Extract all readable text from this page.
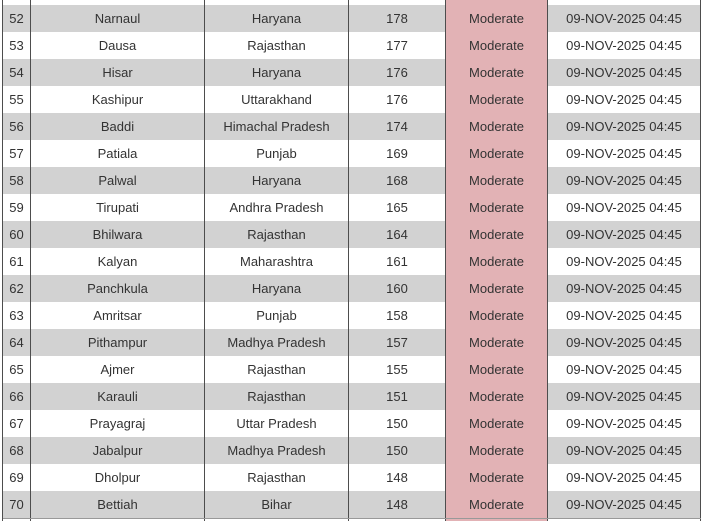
52	Narnaul	Haryana	178	Moderate	09-NOV-2025 04:45
53	Dausa	Rajasthan	177	Moderate	09-NOV-2025 04:45
54	Hisar	Haryana	176	Moderate	09-NOV-2025 04:45
55	Kashipur	Uttarakhand	176	Moderate	09-NOV-2025 04:45
56	Baddi	Himachal Pradesh	174	Moderate	09-NOV-2025 04:45
57	Patiala	Punjab	169	Moderate	09-NOV-2025 04:45
58	Palwal	Haryana	168	Moderate	09-NOV-2025 04:45
59	Tirupati	Andhra Pradesh	165	Moderate	09-NOV-2025 04:45
60	Bhilwara	Rajasthan	164	Moderate	09-NOV-2025 04:45
61	Kalyan	Maharashtra	161	Moderate	09-NOV-2025 04:45
62	Panchkula	Haryana	160	Moderate	09-NOV-2025 04:45
63	Amritsar	Punjab	158	Moderate	09-NOV-2025 04:45
64	Pithampur	Madhya Pradesh	157	Moderate	09-NOV-2025 04:45
65	Ajmer	Rajasthan	155	Moderate	09-NOV-2025 04:45
66	Karauli	Rajasthan	151	Moderate	09-NOV-2025 04:45
67	Prayagraj	Uttar Pradesh	150	Moderate	09-NOV-2025 04:45
68	Jabalpur	Madhya Pradesh	150	Moderate	09-NOV-2025 04:45
69	Dholpur	Rajasthan	148	Moderate	09-NOV-2025 04:45
70	Bettiah	Bihar	148	Moderate	09-NOV-2025 04:45
